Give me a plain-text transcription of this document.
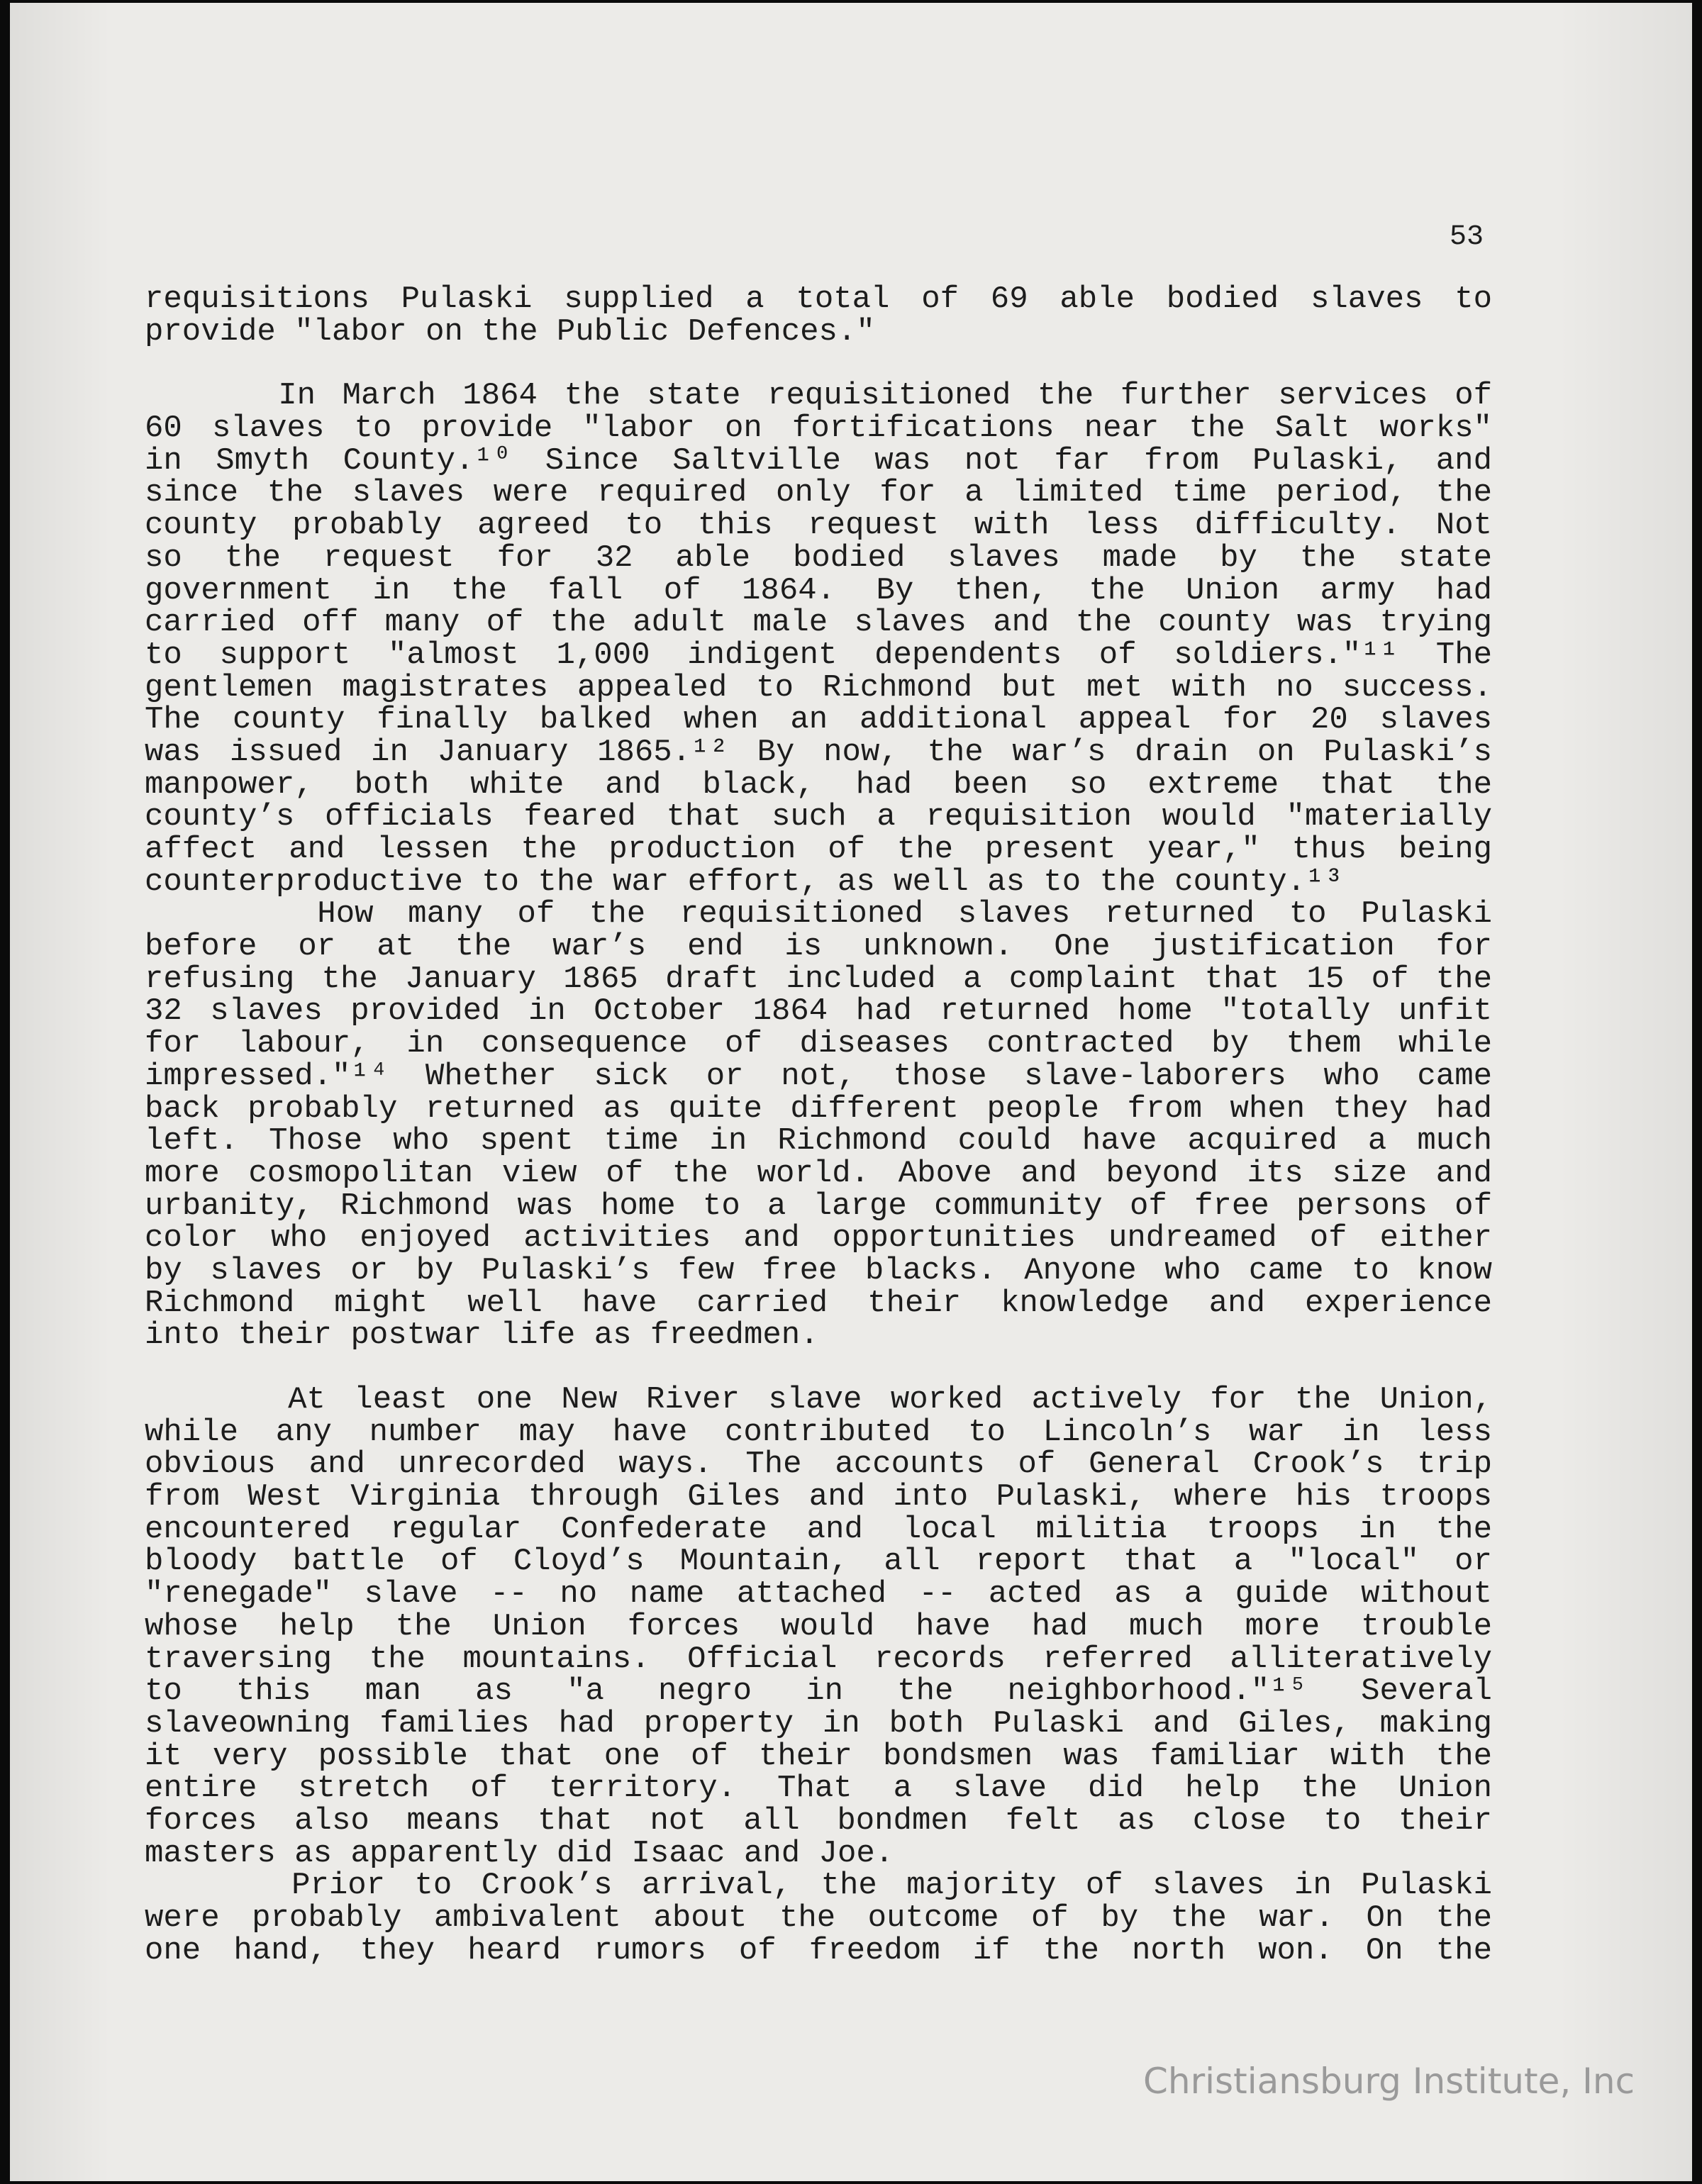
53
requisitions Pulaski supplied a total of 69 able bodied slaves to
provide "labor on the Public Defences."
In March 1864 the state requisitioned the further services of
60 slaves to provide "labor on fortifications near the Salt works"
in Smyth County.¹⁰ Since Saltville was not far from Pulaski, and
since the slaves were required only for a limited time period, the
county probably agreed to this request with less difficulty. Not
so the request for 32 able bodied slaves made by the state
government in the fall of 1864. By then, the Union army had
carried off many of the adult male slaves and the county was trying
to support "almost 1,000 indigent dependents of soldiers."¹¹ The
gentlemen magistrates appealed to Richmond but met with no success.
The county finally balked when an additional appeal for 20 slaves
was issued in January 1865.¹² By now, the war’s drain on Pulaski’s
manpower, both white and black, had been so extreme that the
county’s officials feared that such a requisition would "materially
affect and lessen the production of the present year," thus being
counterproductive to the war effort, as well as to the county.¹³
How many of the requisitioned slaves returned to Pulaski
before or at the war’s end is unknown. One justification for
refusing the January 1865 draft included a complaint that 15 of the
32 slaves provided in October 1864 had returned home "totally unfit
for labour, in consequence of diseases contracted by them while
impressed."¹⁴ Whether sick or not, those slave-laborers who came
back probably returned as quite different people from when they had
left. Those who spent time in Richmond could have acquired a much
more cosmopolitan view of the world. Above and beyond its size and
urbanity, Richmond was home to a large community of free persons of
color who enjoyed activities and opportunities undreamed of either
by slaves or by Pulaski’s few free blacks. Anyone who came to know
Richmond might well have carried their knowledge and experience
into their postwar life as freedmen.
At least one New River slave worked actively for the Union,
while any number may have contributed to Lincoln’s war in less
obvious and unrecorded ways. The accounts of General Crook’s trip
from West Virginia through Giles and into Pulaski, where his troops
encountered regular Confederate and local militia troops in the
bloody battle of Cloyd’s Mountain, all report that a "local" or
"renegade" slave -- no name attached -- acted as a guide without
whose help the Union forces would have had much more trouble
traversing the mountains. Official records referred alliteratively
to this man as "a negro in the neighborhood."¹⁵ Several
slaveowning families had property in both Pulaski and Giles, making
it very possible that one of their bondsmen was familiar with the
entire stretch of territory. That a slave did help the Union
forces also means that not all bondmen felt as close to their
masters as apparently did Isaac and Joe.
Prior to Crook’s arrival, the majority of slaves in Pulaski
were probably ambivalent about the outcome of by the war. On the
one hand, they heard rumors of freedom if the north won. On the
Christiansburg Institute, Inc
